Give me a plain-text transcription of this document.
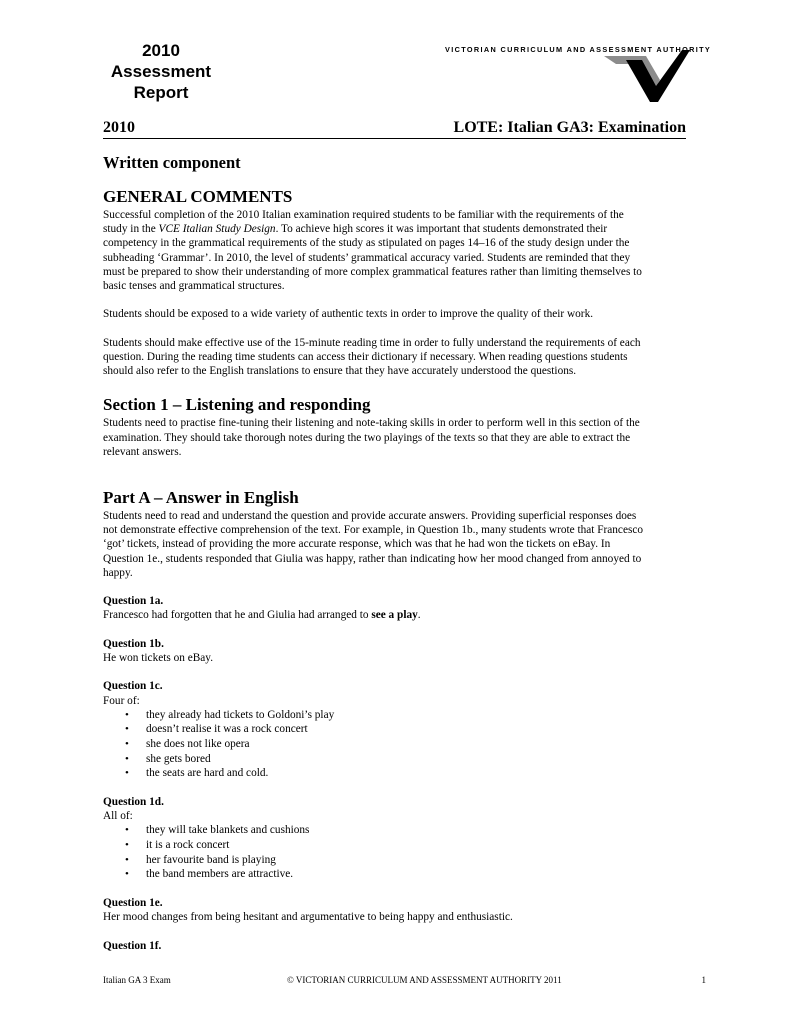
2010
Assessment
Report
VICTORIAN CURRICULUM AND ASSESSMENT AUTHORITY
2010	LOTE: Italian GA3: Examination
Written component
GENERAL COMMENTS

Successful completion of the 2010 Italian examination required students to be familiar with the requirements of the
study in the VCE Italian Study Design. To achieve high scores it was important that students demonstrated their
competency in the grammatical requirements of the study as stipulated on pages 14–16 of the study design under the
subheading ‘Grammar’. In 2010, the level of students’ grammatical accuracy varied. Students are reminded that they
must be prepared to show their understanding of more complex grammatical features rather than limiting themselves to
basic tenses and grammatical structures.

Students should be exposed to a wide variety of authentic texts in order to improve the quality of their work.

Students should make effective use of the 15-minute reading time in order to fully understand the requirements of each
question. During the reading time students can access their dictionary if necessary. When reading questions students
should also refer to the English translations to ensure that they have accurately understood the questions.

Section 1 – Listening and responding

Students need to practise fine-tuning their listening and note-taking skills in order to perform well in this section of the
examination. They should take thorough notes during the two playings of the texts so that they are able to extract the
relevant answers.

Part A – Answer in English

Students need to read and understand the question and provide accurate answers. Providing superficial responses does
not demonstrate effective comprehension of the text. For example, in Question 1b., many students wrote that Francesco
‘got’ tickets, instead of providing the more accurate response, which was that he had won the tickets on eBay. In
Question 1e., students responded that Giulia was happy, rather than indicating how her mood changed from annoyed to
happy.

Question 1a.

Francesco had forgotten that he and Giulia had arranged to see a play.

Question 1b.

He won tickets on eBay.

Question 1c.

Four of:

• they already had tickets to Goldoni’s play
• doesn’t realise it was a rock concert
• she does not like opera
• she gets bored
• the seats are hard and cold.
Question 1d.

All of:

• they will take blankets and cushions
• it is a rock concert
• her favourite band is playing
• the band members are attractive.
Question 1e.

Her mood changes from being hesitant and argumentative to being happy and enthusiastic.

Question 1f.
Italian GA 3 Exam	© VICTORIAN CURRICULUM AND ASSESSMENT AUTHORITY 2011	1
